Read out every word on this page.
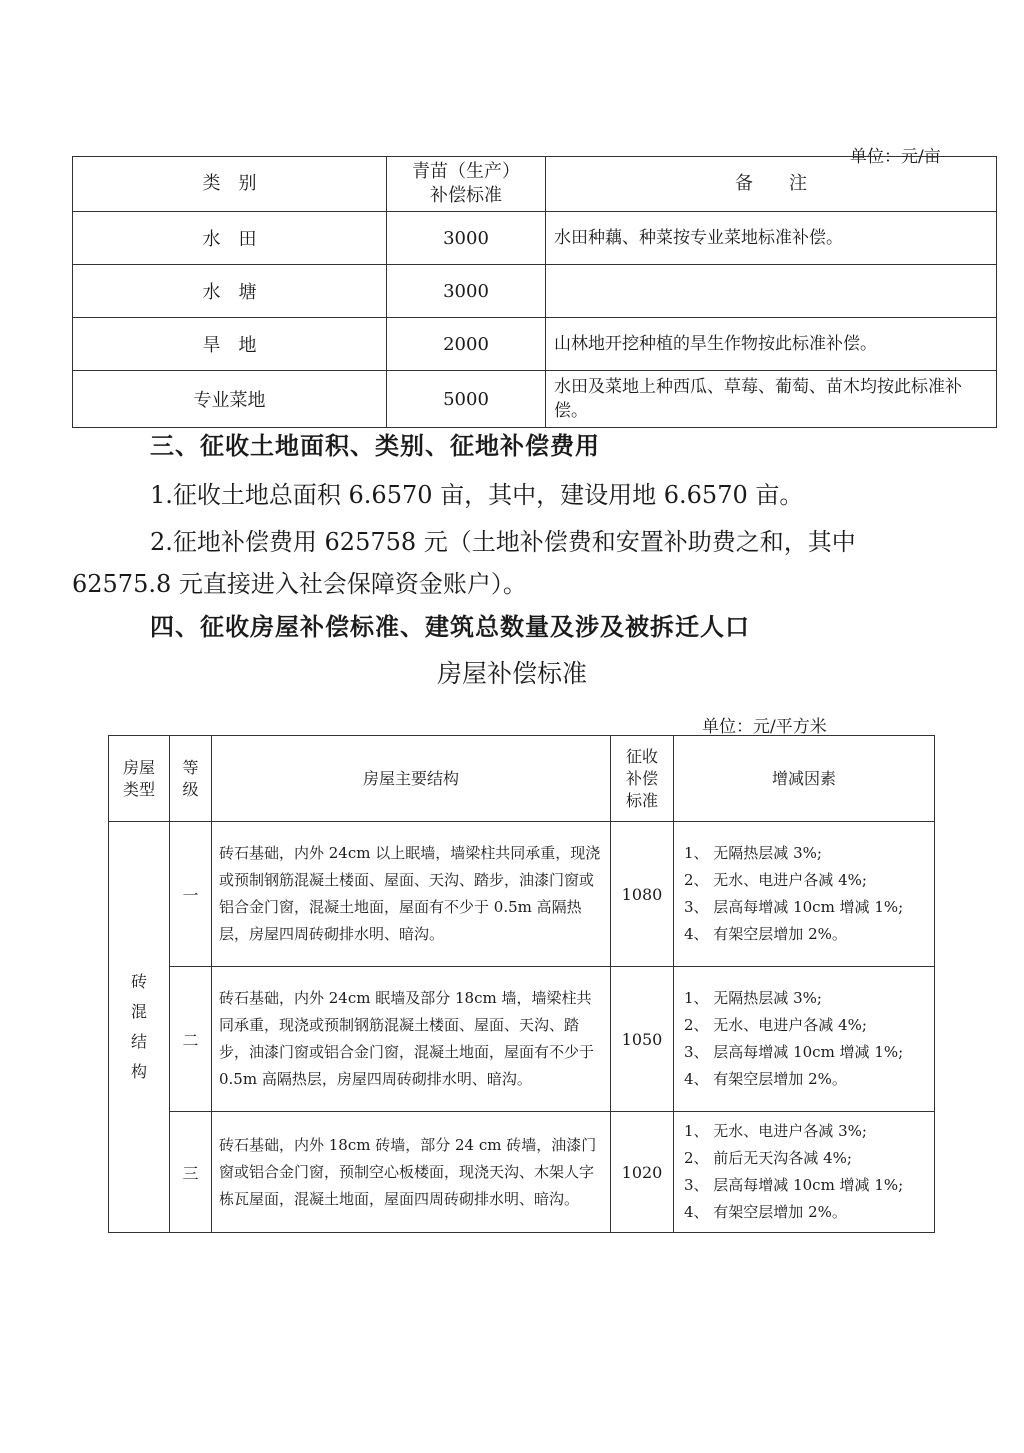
单位：元/亩
类　别	青苗（生产）补偿标准	备　　注
水　田	3000	水田种藕、种菜按专业菜地标准补偿。
水　塘	3000	
旱　地	2000	山林地开挖种植的旱生作物按此标准补偿。
专业菜地	5000	水田及菜地上种西瓜、草莓、葡萄、苗木均按此标准补偿。
三、征收土地面积、类别、征地补偿费用
1.征收土地总面积 6.6570 亩，其中，建设用地 6.6570 亩。
2.征地补偿费用 625758 元（土地补偿费和安置补助费之和，其中 62575.8 元直接进入社会保障资金账户）。
四、征收房屋补偿标准、建筑总数量及涉及被拆迁人口
房屋补偿标准
单位：元/平方米
房屋类型	等级	房屋主要结构	征收补偿标准	增减因素

砖混结构	一	砖石基础，内外 24cm 以上眠墙，墙梁柱共同承重，现浇或预制钢筋混凝土楼面、屋面、天沟、踏步，油漆门窗或铝合金门窗，混凝土地面，屋面有不少于 0.5m 高隔热层，房屋四周砖砌排水明、暗沟。	1080	1、 无隔热层减 3%;
2、 无水、电进户各减 4%;
3、 层高每增减 10cm 增减 1%;
4、 有架空层增加 2%。

	二	砖石基础，内外 24cm 眠墙及部分 18cm 墙，墙梁柱共同承重，现浇或预制钢筋混凝土楼面、屋面、天沟、踏步，油漆门窗或铝合金门窗，混凝土地面，屋面有不少于 0.5m 高隔热层，房屋四周砖砌排水明、暗沟。	1050	1、 无隔热层减 3%;
2、 无水、电进户各减 4%;
3、 层高每增减 10cm 增减 1%;
4、 有架空层增加 2%。

	三	砖石基础，内外 18cm 砖墙，部分 24 cm 砖墙，油漆门窗或铝合金门窗，预制空心板楼面，现浇天沟、木架人字栋瓦屋面，混凝土地面，屋面四周砖砌排水明、暗沟。	1020	1、 无水、电进户各减 3%;
2、 前后无天沟各减 4%;
3、 层高每增减 10cm 增减 1%;
4、 有架空层增加 2%。
